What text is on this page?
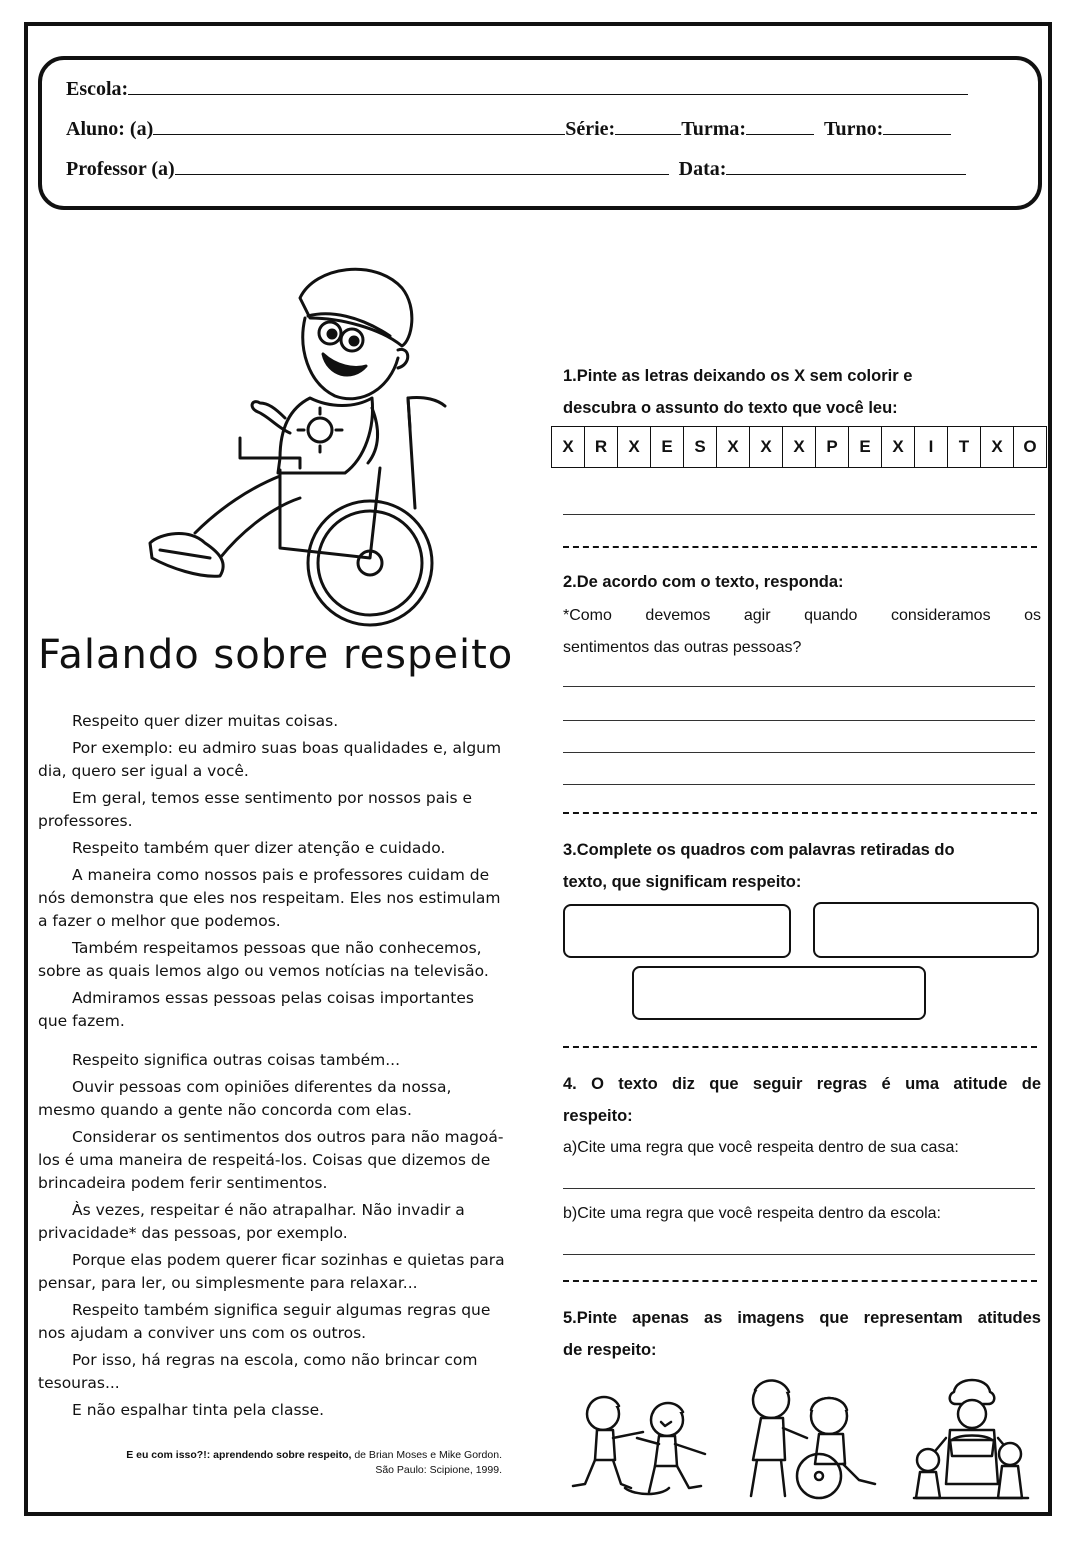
Escola:
Aluno: (a)	Série:	Turma:	Turno:
Professor (a)	Data:
Falando sobre respeito

Respeito quer dizer muitas coisas.

Por exemplo: eu admiro suas boas qualidades e, algum dia, quero ser igual a você.

Em geral, temos esse sentimento por nossos pais e professores.

Respeito também quer dizer atenção e cuidado.

A maneira como nossos pais e professores cuidam de nós demonstra que eles nos respeitam. Eles nos estimulam a fazer o melhor que podemos.

Também respeitamos pessoas que não conhecemos, sobre as quais lemos algo ou vemos notícias na televisão.

Admiramos essas pessoas pelas coisas importantes que fazem.

Respeito significa outras coisas também...

Ouvir pessoas com opiniões diferentes da nossa, mesmo quando a gente não concorda com elas.

Considerar os sentimentos dos outros para não magoá-los é uma maneira de respeitá-los. Coisas que dizemos de brincadeira podem ferir sentimentos.

Às vezes, respeitar é não atrapalhar. Não invadir a privacidade* das pessoas, por exemplo.

Porque elas podem querer ficar sozinhas e quietas para pensar, para ler, ou simplesmente para relaxar...

Respeito também significa seguir algumas regras que nos ajudam a conviver uns com os outros.

Por isso, há regras na escola, como não brincar com tesouras...

E não espalhar tinta pela classe.

E eu com isso?!: aprendendo sobre respeito, de Brian Moses e Mike Gordon.
São Paulo: Scipione, 1999.
1.Pinte as letras deixando os X sem colorir e
descubra o assunto do texto que você leu:
X	R	X	E	S	X	X	X	P	E	X	I	T	X	O
2.De acordo com o texto, responda:
*Como devemos agir quando consideramos os
sentimentos das outras pessoas?
3.Complete os quadros com palavras retiradas do
texto, que significam respeito:
4. O texto diz que seguir regras é uma atitude de
respeito:
a)Cite uma regra que você respeita dentro de sua casa:
b)Cite uma regra que você respeita dentro da escola:
5.Pinte apenas as imagens que representam atitudes
de respeito:
